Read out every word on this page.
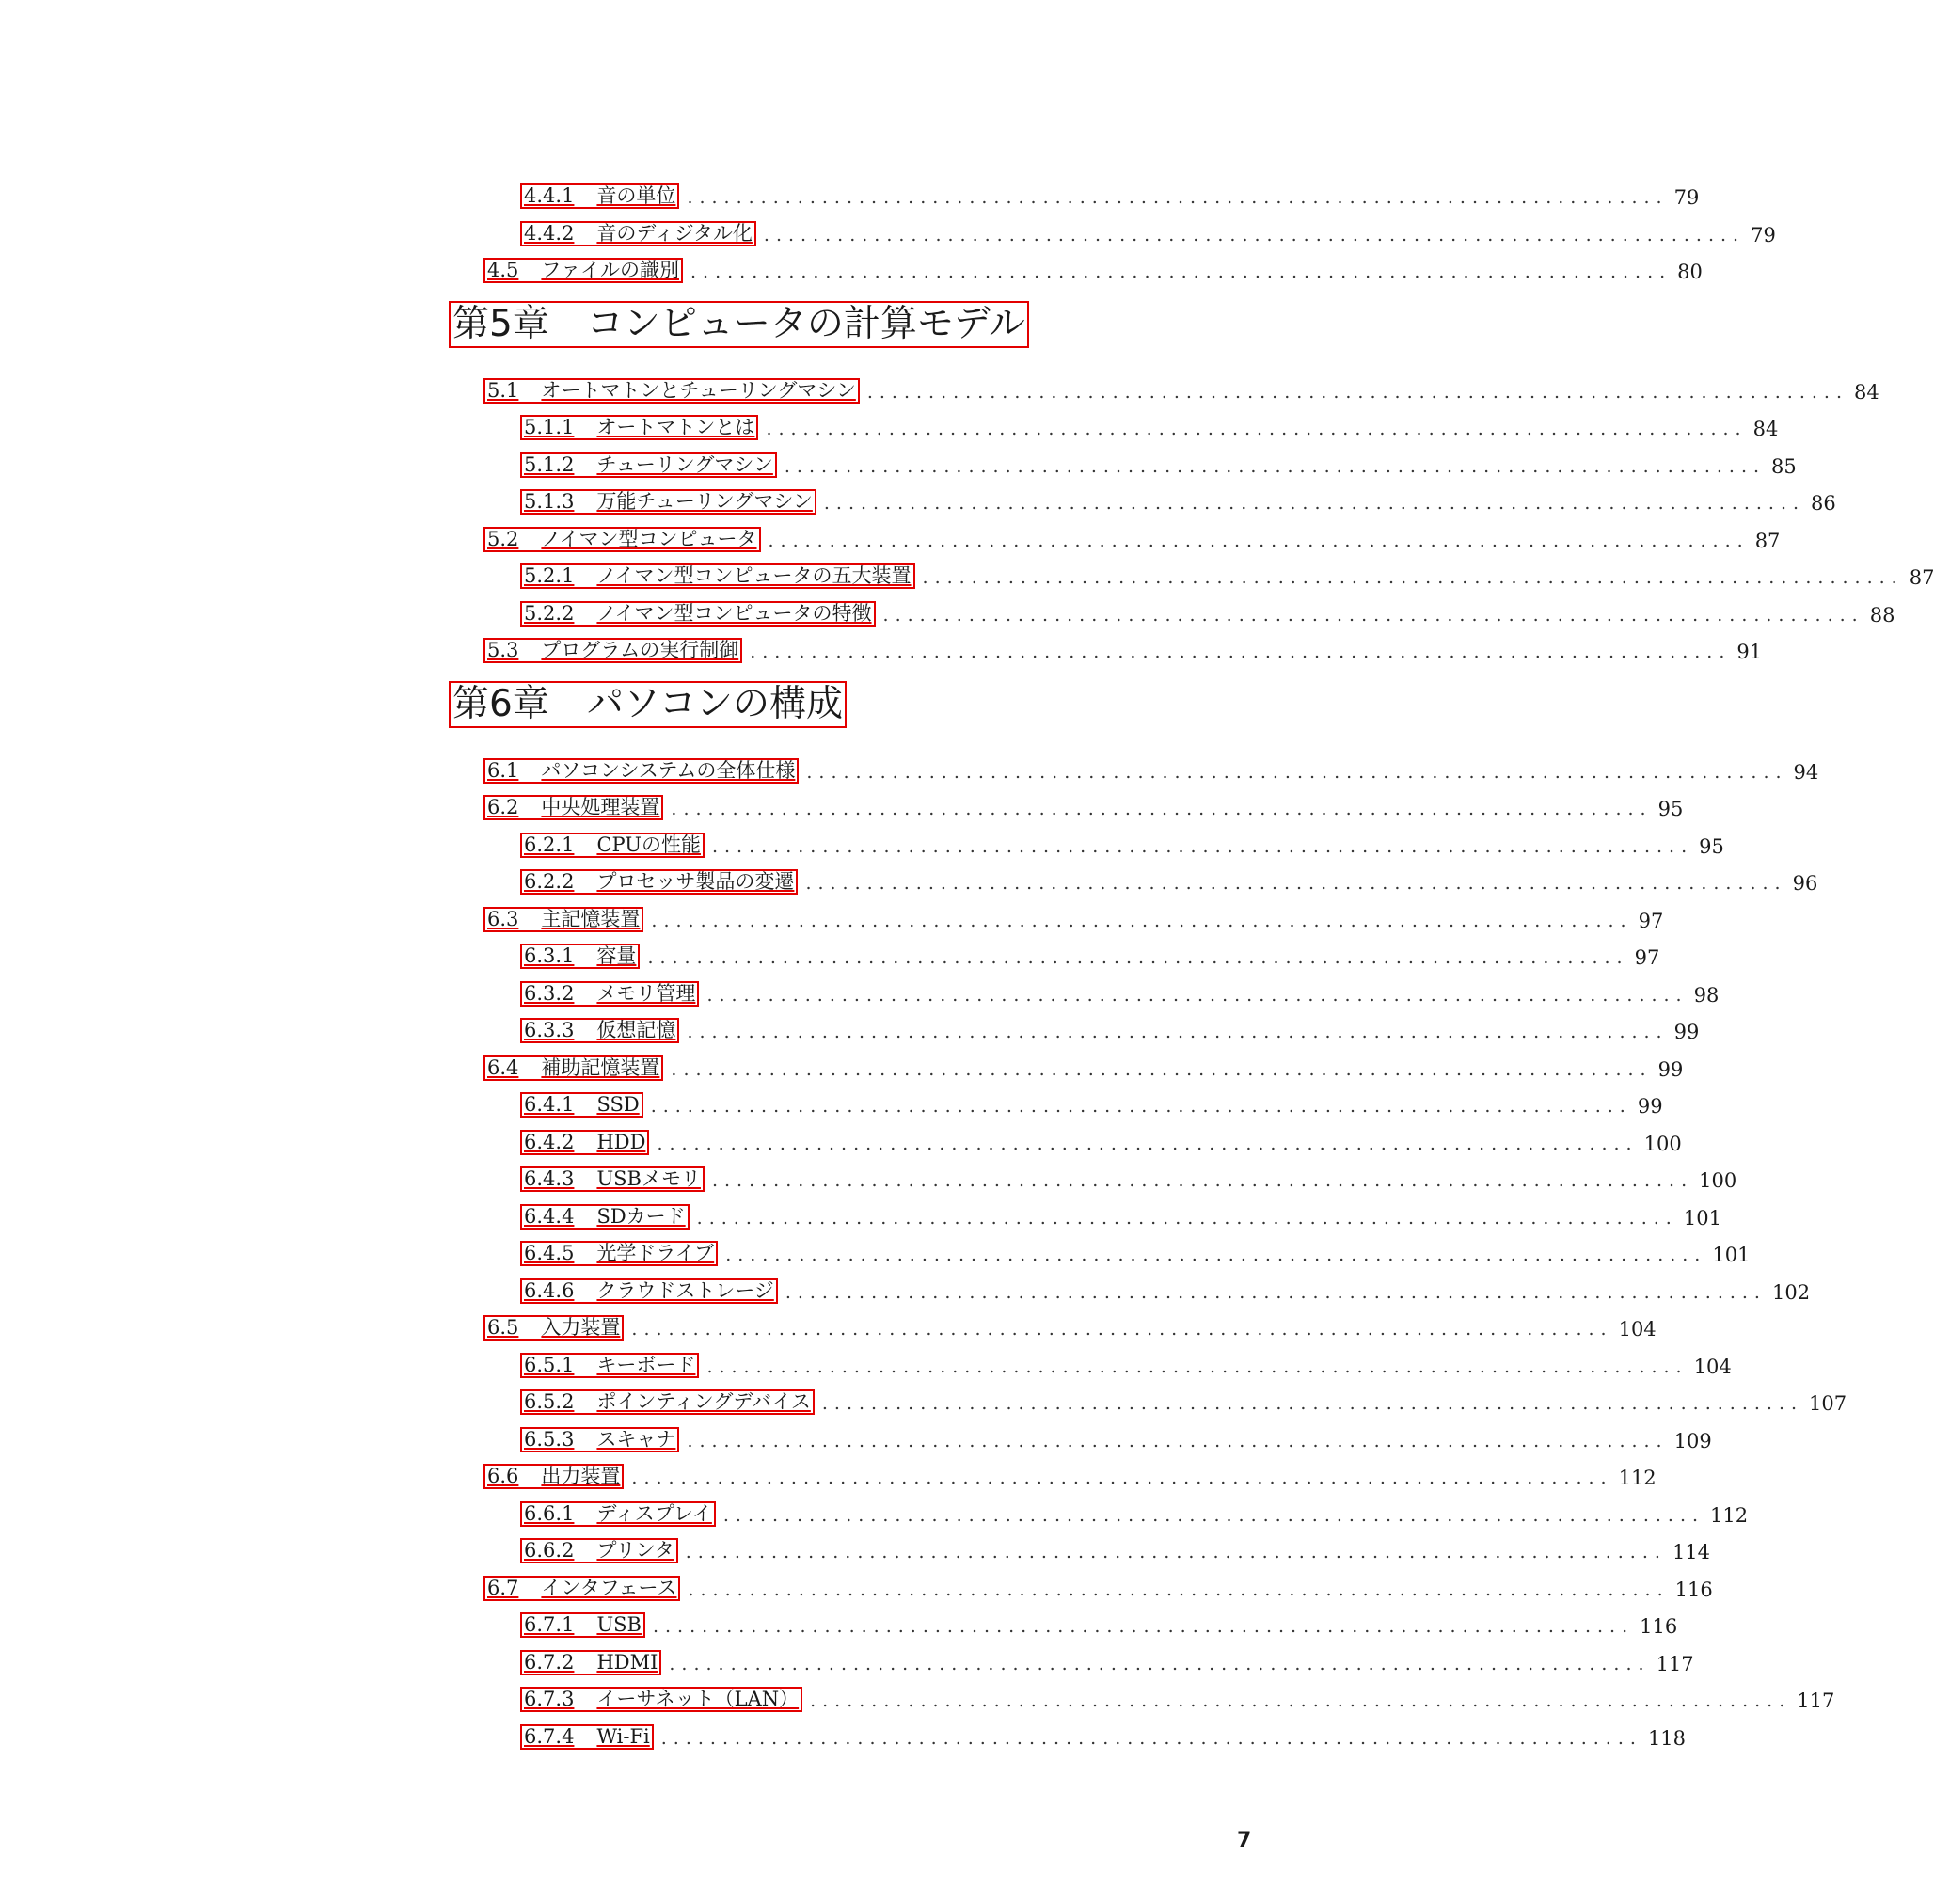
4.4.1 音の単位 ................................................................................ 79
4.4.2 音のディジタル化 ................................................................................ 79
4.5 ファイルの識別 ................................................................................ 80
第5章 コンピュータの計算モデル
5.1 オートマトンとチューリングマシン ................................................................................ 84
5.1.1 オートマトンとは ................................................................................ 84
5.1.2 チューリングマシン ................................................................................ 85
5.1.3 万能チューリングマシン ................................................................................ 86
5.2 ノイマン型コンピュータ ................................................................................ 87
5.2.1 ノイマン型コンピュータの五大装置 ................................................................................ 87
5.2.2 ノイマン型コンピュータの特徴 ................................................................................ 88
5.3 プログラムの実行制御 ................................................................................ 91
第6章 パソコンの構成
6.1 パソコンシステムの全体仕様 ................................................................................ 94
6.2 中央処理装置 ................................................................................ 95
6.2.1 CPUの性能 ................................................................................ 95
6.2.2 プロセッサ製品の変遷 ................................................................................ 96
6.3 主記憶装置 ................................................................................ 97
6.3.1 容量 ................................................................................ 97
6.3.2 メモリ管理 ................................................................................ 98
6.3.3 仮想記憶 ................................................................................ 99
6.4 補助記憶装置 ................................................................................ 99
6.4.1 SSD ................................................................................ 99
6.4.2 HDD ................................................................................ 100
6.4.3 USBメモリ ................................................................................ 100
6.4.4 SDカード ................................................................................ 101
6.4.5 光学ドライブ ................................................................................ 101
6.4.6 クラウドストレージ ................................................................................ 102
6.5 入力装置 ................................................................................ 104
6.5.1 キーボード ................................................................................ 104
6.5.2 ポインティングデバイス ................................................................................ 107
6.5.3 スキャナ ................................................................................ 109
6.6 出力装置 ................................................................................ 112
6.6.1 ディスプレイ ................................................................................ 112
6.6.2 プリンタ ................................................................................ 114
6.7 インタフェース ................................................................................ 116
6.7.1 USB ................................................................................ 116
6.7.2 HDMI ................................................................................ 117
6.7.3 イーサネット（LAN） ................................................................................ 117
6.7.4 Wi-Fi ................................................................................ 118
7
